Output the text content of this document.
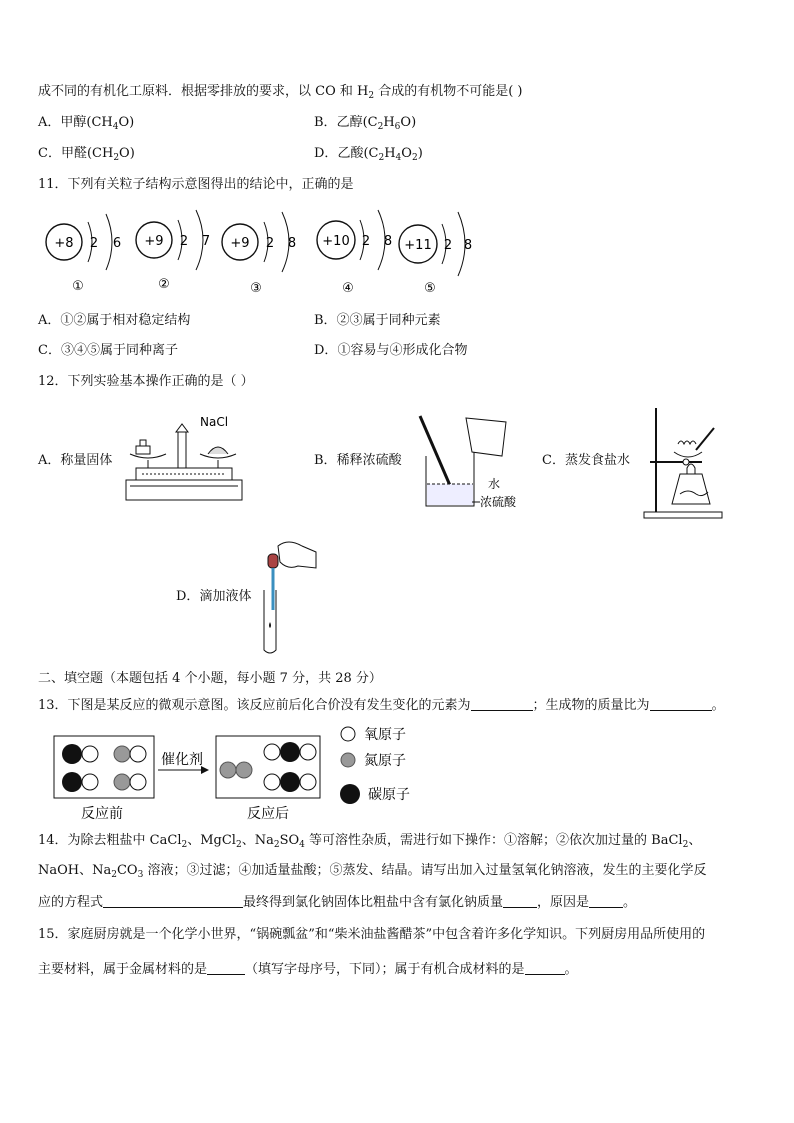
成不同的有机化工原料．根据零排放的要求，以 CO 和 $H_2$ 合成的有机物不可能是( )
A．甲醇$(CH_4O)$	B．乙醇$(C_2H_6O)$
C．甲醛$(CH_2O)$	D．乙酸$(C_2H_4O_2)$
11．下列有关粒子结构示意图得出的结论中，正确的是
+8 2 6
①
+9 2 7
②
+9 2 8
③
+10 2 8
④
+11 2 8
⑤
A．①②属于相对稳定结构	B．②③属于同种元素
C．③④⑤属于同种离子	D．①容易与④形成化合物
12．下列实验基本操作正确的是（ ）
A．称量固体
NaCl
B．稀释浓硫酸
水
浓硫酸
C．蒸发食盐水
D．滴加液体
二、填空题（本题包括 4 个小题，每小题 7 分，共 28 分）
13．下图是某反应的微观示意图。该反应前后化合价没有发生变化的元素为	；生成物的质量比为	。
反应前
催化剂
反应后
氧原子
氮原子
碳原子
14．为除去粗盐中 CaCl$_2$、MgCl$_2$、$Na_2SO_4$ 等可溶性杂质，需进行如下操作：①溶解；②依次加过量的 BaCl$_2$、
NaOH、$Na_2CO_3$ 溶液；③过滤；④加适量盐酸；⑤蒸发、结晶。请写出加入过量氢氧化钠溶液，发生的主要化学反
应的方程式	最终得到氯化钠固体比粗盐中含有氯化钠质量	，原因是	。
15．家庭厨房就是一个化学小世界，“锅碗瓢盆”和“柴米油盐酱醋茶”中包含着许多化学知识。下列厨房用品所使用的
主要材料，属于金属材料的是	（填写字母序号，下同）；属于有机合成材料的是	。
